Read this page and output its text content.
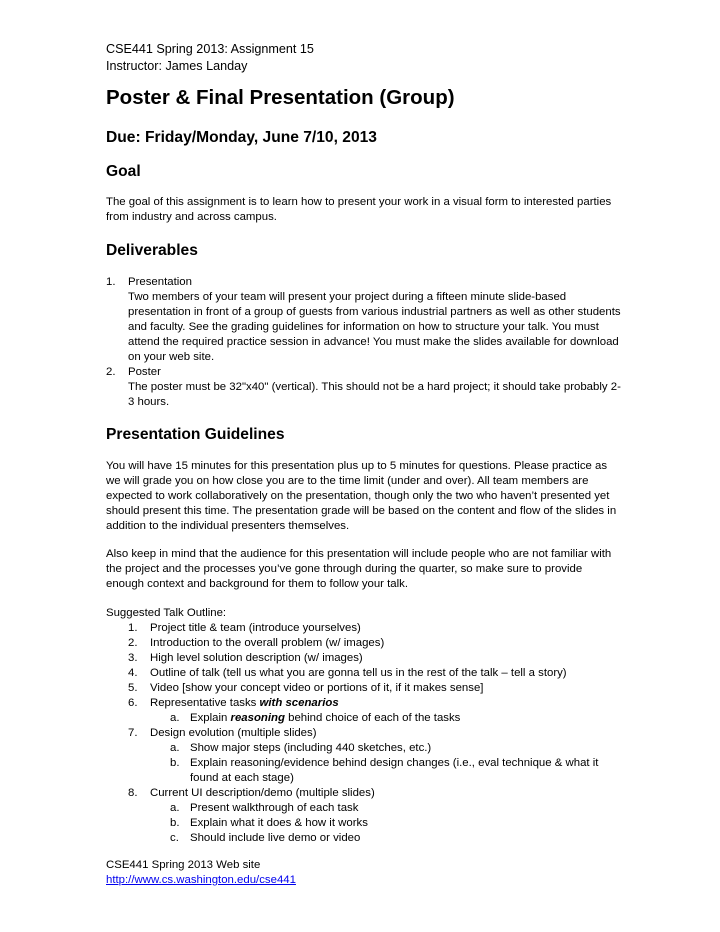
CSE441 Spring 2013: Assignment 15
Instructor: James Landay
Poster & Final Presentation (Group)
Due: Friday/Monday, June 7/10, 2013
Goal

The goal of this assignment is to learn how to present your work in a visual form to interested parties from industry and across campus.

Deliverables
1. Presentation
Two members of your team will present your project during a fifteen minute slide-based presentation in front of a group of guests from various industrial partners as well as other students and faculty. See the grading guidelines for information on how to structure your talk. You must attend the required practice session in advance! You must make the slides available for download on your web site.
2. Poster
The poster must be 32"x40" (vertical). This should not be a hard project; it should take probably 2-3 hours.
Presentation Guidelines

You will have 15 minutes for this presentation plus up to 5 minutes for questions. Please practice as we will grade you on how close you are to the time limit (under and over). All team members are expected to work collaboratively on the presentation, though only the two who haven’t presented yet should present this time. The presentation grade will be based on the content and flow of the slides in addition to the individual presenters themselves.

Also keep in mind that the audience for this presentation will include people who are not familiar with the project and the processes you’ve gone through during the quarter, so make sure to provide enough context and background for them to follow your talk.

Suggested Talk Outline:
1. Project title & team (introduce yourselves)
2. Introduction to the overall problem (w/ images)
3. High level solution description (w/ images)
4. Outline of talk (tell us what you are gonna tell us in the rest of the talk – tell a story)
5. Video [show your concept video or portions of it, if it makes sense]
6. Representative tasks with scenarios
a. Explain reasoning behind choice of each of the tasks
7. Design evolution (multiple slides)
a. Show major steps (including 440 sketches, etc.)
b. Explain reasoning/evidence behind design changes (i.e., eval technique & what it found at each stage)
8. Current UI description/demo (multiple slides)
a. Present walkthrough of each task
b. Explain what it does & how it works
c. Should include live demo or video
CSE441 Spring 2013 Web site
http://www.cs.washington.edu/cse441
